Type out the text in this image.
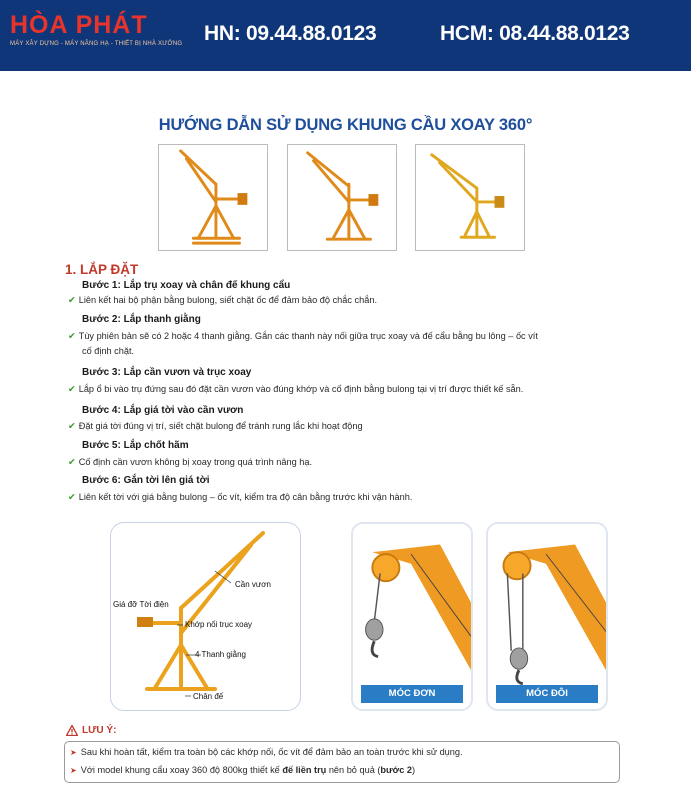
HÒA PHÁT
MÁY XÂY DỰNG - MÁY NÂNG HẠ - THIẾT BỊ NHÀ XƯỞNG HN: 09.44.88.0123	HCM: 08.44.88.0123
HƯỚNG DẪN SỬ DỤNG KHUNG CẦU XOAY 360°
1. LẮP ĐẶT
Bước 1: Lắp trụ xoay và chân đế khung cẩu
✔ Liên kết hai bộ phận bằng bulong, siết chặt ốc để đảm bảo độ chắc chắn.
Bước 2: Lắp thanh giằng
✔ Tùy phiên bản sẽ có 2 hoặc 4 thanh giằng. Gắn các thanh này nối giữa trục xoay và đế cẩu bằng bu lông – ốc vít
cố định chặt.
Bước 3: Lắp cần vươn và trục xoay
✔ Lắp ổ bi vào trụ đứng sau đó đặt cần vươn vào đúng khớp và cố định bằng bulong tại vị trí được thiết kế sẵn.
Bước 4: Lắp giá tời vào cần vươn
✔ Đặt giá tời đúng vị trí, siết chặt bulong để tránh rung lắc khi hoạt động
Bước 5: Lắp chốt hãm
✔ Cố định cần vươn không bị xoay trong quá trình nâng hạ.
Bước 6: Gắn tời lên giá tời
✔ Liên kết tời với giá bằng bulong – ốc vít, kiểm tra độ cân bằng trước khi vận hành.
Cần vươn
Giá đỡ Tời điện
Khớp nối trục xoay
4 Thanh giằng
Chân đế	MÓC ĐƠN	MÓC ĐÔI
LƯU Ý:
➤ Sau khi hoàn tất, kiểm tra toàn bộ các khớp nối, ốc vít để đảm bảo an toàn trước khi sử dụng.
➤ Với model khung cẩu xoay 360 độ 800kg thiết kế đế liền trụ nên bỏ quả (bước 2)
